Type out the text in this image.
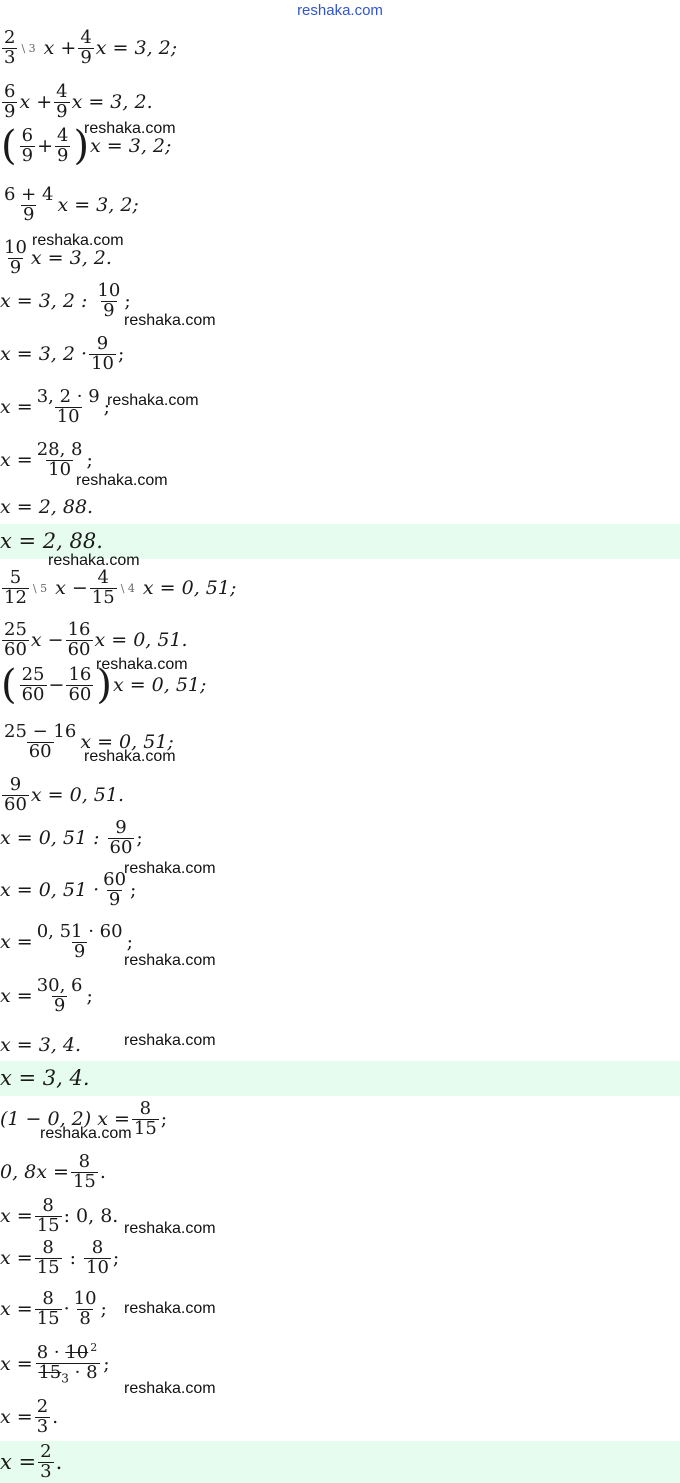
reshaka.com
$\frac{2}{3}$ \ 3 $x + \frac{4}{9}$ x = 3, 2;
$\frac{6}{9}$ $x + \frac{4}{9}$ x = 3, 2.
( $\frac{6}{9} + \frac{4}{9}$ ) x = 3, 2;
reshaka.com
$\frac{6 + 4}{9}$ x = 3, 2;
$\frac{10}{9}$ x = 3, 2.
reshaka.com
x = 3, 2 : $\frac{10}{9}$ ;
reshaka.com
x = 3, $2 \cdot \frac{9}{10}$ ;
$x = \frac{3, 2 \cdot 9}{10}$ ;
reshaka.com
$x = \frac{28, 8}{10}$ ;
reshaka.com
x = 2, 88.
x = 2, 88.
reshaka.com
$\frac{5}{12}$ \ 5 $x - \frac{4}{15}$ \ 4 x = 0, 51;
$\frac{25}{60}$ $x - \frac{16}{60}$ x = 0, 51.
( $\frac{25}{60} - \frac{16}{60}$ ) x = 0, 51;
reshaka.com
$\frac{25 - 16}{60}$ x = 0, 51;
reshaka.com
$\frac{9}{60}$ x = 0, 51.
x = 0, 51 : $\frac{9}{60}$ ;
reshaka.com
x = 0, $51 \cdot \frac{60}{9}$ ;
$x = \frac{0, 51 \cdot 60}{9}$ ;
reshaka.com
$x = \frac{30, 6}{9}$ ;
x = 3, 4.	reshaka.com
x = 3, 4.
(1 − 0, 2) $x = \frac{8}{15}$ ;
reshaka.com
0, $8x = \frac{8}{15}$ .
$x = \frac{8}{15}$ : 0, 8.
reshaka.com
$x = \frac{8}{15}$ : $\frac{8}{10}$ ;
$x = \frac{8}{15} \cdot \frac{10}{8}$ ; reshaka.com
$x = \frac{8 \cdot 10 ^2}{15_3 \cdot 8}$ ;
reshaka.com
$x = \frac{2}{3}$ .
$x = \frac{2}{3}$ .
